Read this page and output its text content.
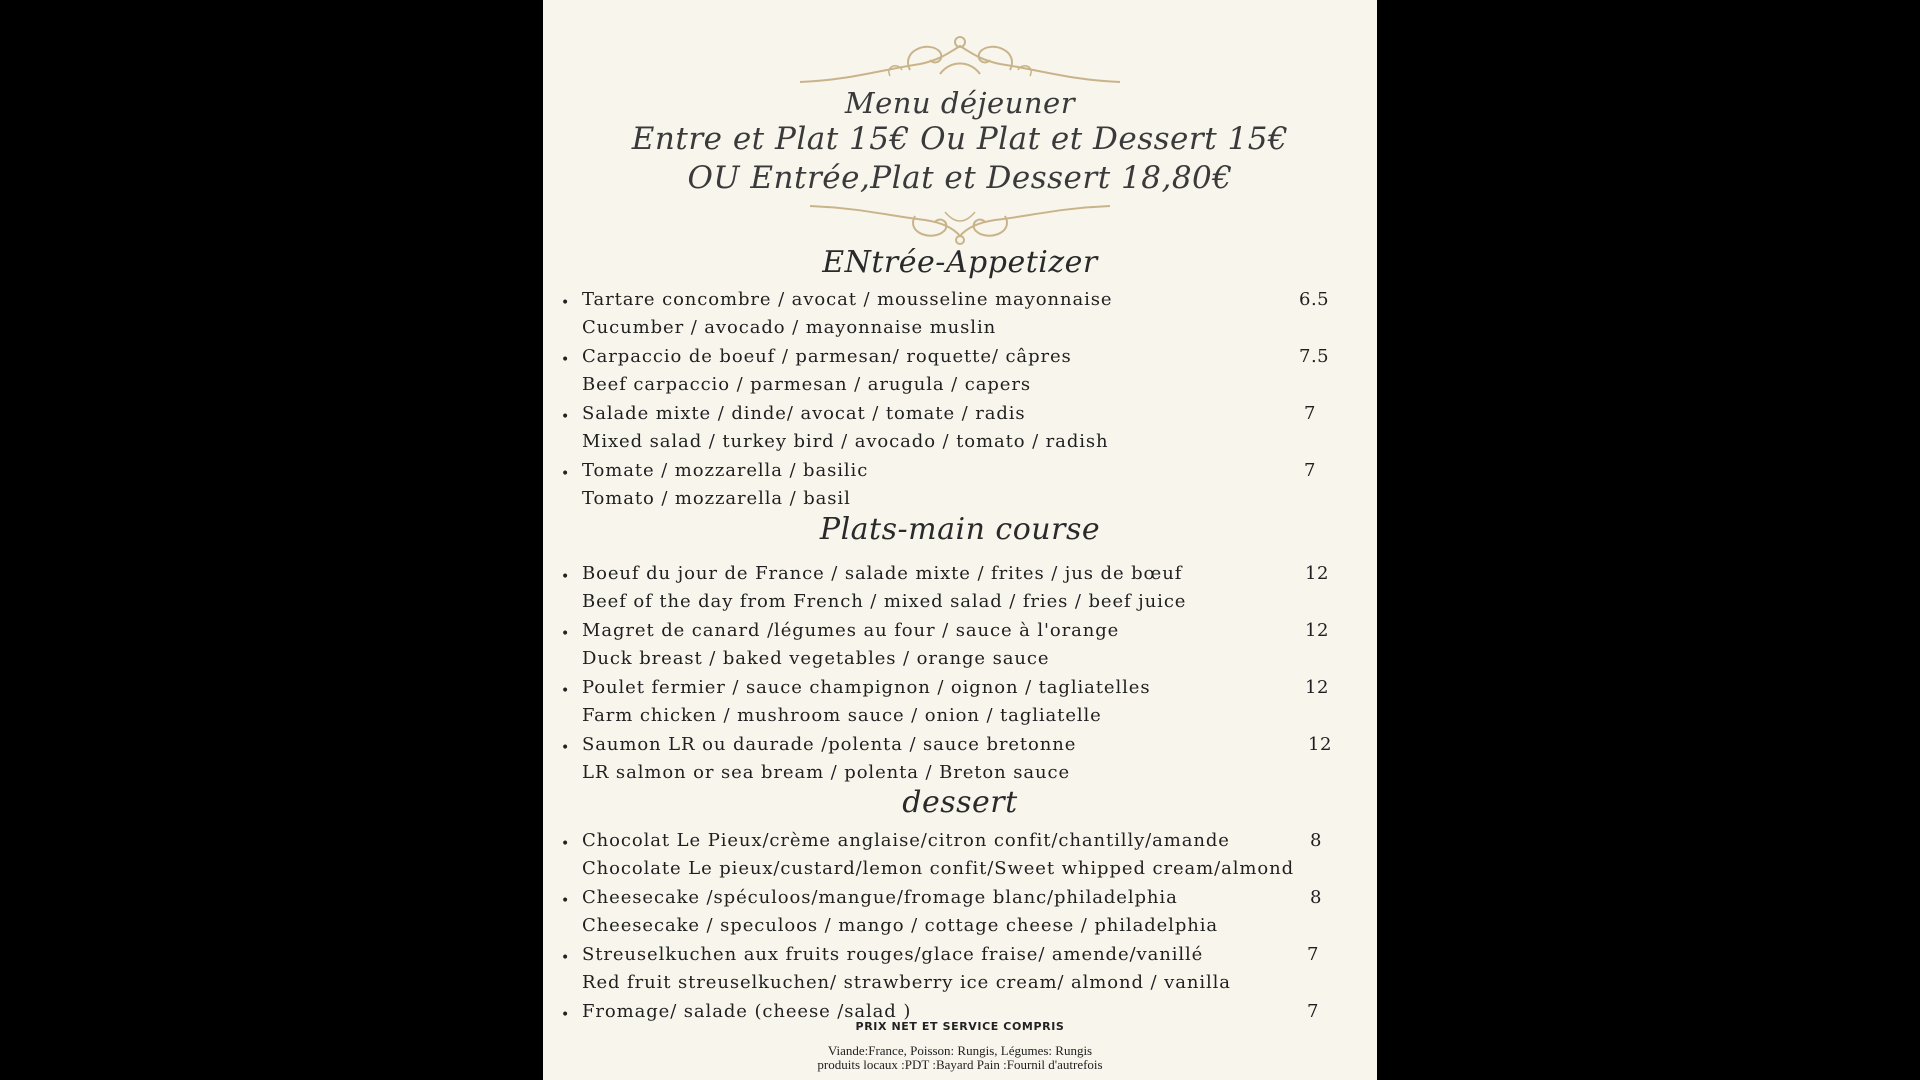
Menu déjeuner
Entre et Plat 15€ Ou Plat et Dessert 15€
OU Entrée,Plat et Dessert 18,80€
ENtrée-Appetizer
• Tartare concombre / avocat / mousseline mayonnaise
Cucumber / avocado / mayonnaise muslin
6.5
• Carpaccio de boeuf / parmesan/ roquette/ câpres
Beef carpaccio / parmesan / arugula / capers
7.5
• Salade mixte / dinde/ avocat / tomate / radis
Mixed salad / turkey bird / avocado / tomato / radish
7
• Tomate / mozzarella / basilic
Tomato / mozzarella / basil
7
Plats-main course
• Boeuf du jour de France / salade mixte / frites / jus de bœuf
Beef of the day from French / mixed salad / fries / beef juice
12
• Magret de canard /légumes au four / sauce à l'orange
Duck breast / baked vegetables / orange sauce
12
• Poulet fermier / sauce champignon / oignon / tagliatelles
Farm chicken / mushroom sauce / onion / tagliatelle
12
• Saumon LR ou daurade /polenta / sauce bretonne
LR salmon or sea bream / polenta / Breton sauce
12
dessert
• Chocolat Le Pieux/crème anglaise/citron confit/chantilly/amande
Chocolate Le pieux/custard/lemon confit/Sweet whipped cream/almond
8
• Cheesecake /spéculoos/mangue/fromage blanc/philadelphia
Cheesecake / speculoos / mango / cottage cheese / philadelphia
8
• Streuselkuchen aux fruits rouges/glace fraise/ amende/vanillé
Red fruit streuselkuchen/ strawberry ice cream/ almond / vanilla
7
• Fromage/ salade (cheese /salad )	7
PRIX NET ET SERVICE COMPRIS
Viande:France, Poisson: Rungis, Légumes: Rungis
produits locaux :PDT :Bayard Pain :Fournil d'autrefois
